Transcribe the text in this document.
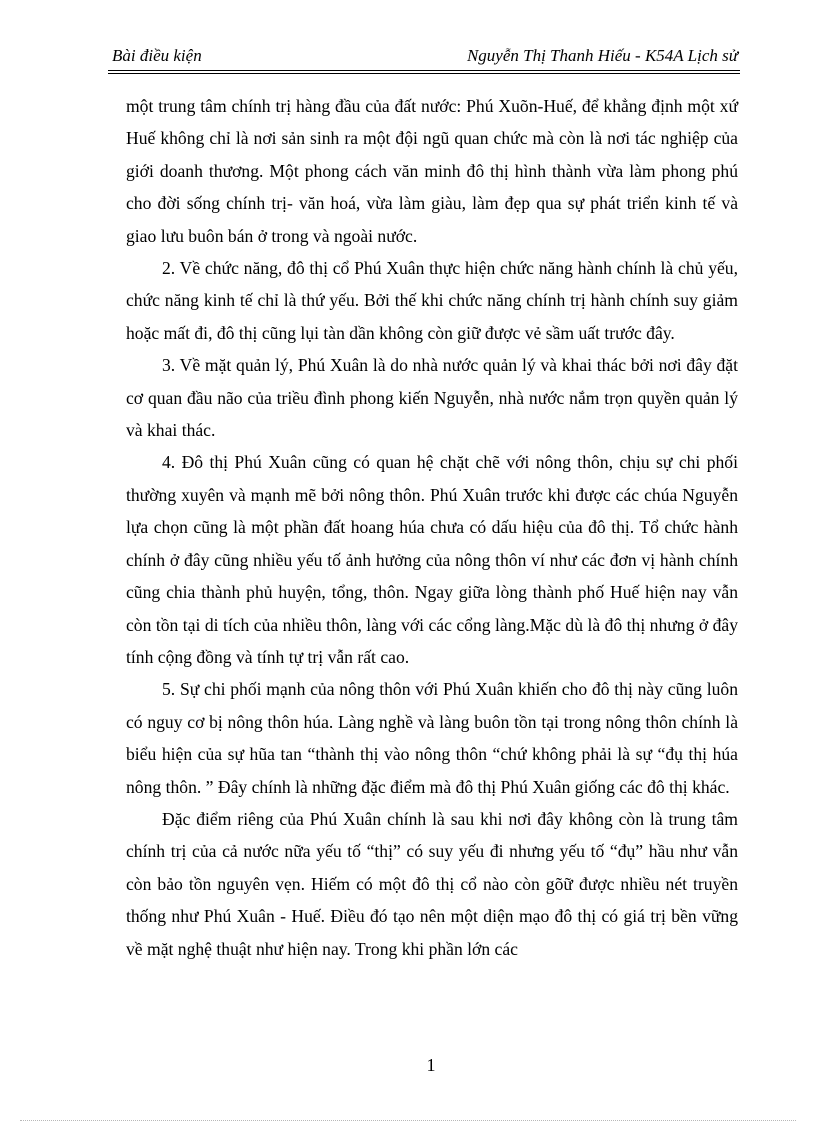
Bài điều kiện	Nguyễn Thị Thanh Hiếu - K54A Lịch sử

một trung tâm chính trị hàng đầu của đất nước: Phú Xuõn-Huế, để khẳng định một xứ Huế không chỉ là nơi sản sinh ra một đội ngũ quan chức mà còn là nơi tác nghiệp của giới doanh thương. Một phong cách văn minh đô thị hình thành vừa làm phong phú cho đời sống chính trị- văn hoá, vừa làm giàu, làm đẹp qua sự phát triển kinh tế và giao lưu buôn bán ở trong và ngoài nước.

2. Về chức năng, đô thị cổ Phú Xuân thực hiện chức năng hành chính là chủ yếu, chức năng kinh tế chỉ là thứ yếu. Bởi thế khi chức năng chính trị hành chính suy giảm hoặc mất đi, đô thị cũng lụi tàn dần không còn giữ được vẻ sầm uất trước đây.

3. Về mặt quản lý, Phú Xuân là do nhà nước quản lý và khai thác bởi nơi đây đặt cơ quan đầu não của triều đình phong kiến Nguyễn, nhà nước nắm trọn quyền quản lý và khai thác.

4. Đô thị Phú Xuân cũng có quan hệ chặt chẽ với nông thôn, chịu sự chi phối thường xuyên và mạnh mẽ bởi nông thôn. Phú Xuân trước khi được các chúa Nguyễn lựa chọn cũng là một phần đất hoang húa chưa có dấu hiệu của đô thị. Tổ chức hành chính ở đây cũng nhiều yếu tố ảnh hưởng của nông thôn ví như các đơn vị hành chính cũng chia thành phủ huyện, tổng, thôn. Ngay giữa lòng thành phố Huế hiện nay vẫn còn tồn tại di tích của nhiều thôn, làng với các cổng làng.Mặc dù là đô thị nhưng ở đây tính cộng đồng và tính tự trị vẫn rất cao.

5. Sự chi phối mạnh của nông thôn với Phú Xuân khiến cho đô thị này cũng luôn có nguy cơ bị nông thôn húa. Làng nghề và làng buôn tồn tại trong nông thôn chính là biểu hiện của sự hũa tan “thành thị vào nông thôn “chứ không phải là sự “đụ thị húa nông thôn. ” Đây chính là những đặc điểm mà đô thị Phú Xuân giống các đô thị khác.

Đặc điểm riêng của Phú Xuân chính là sau khi nơi đây không còn là trung tâm chính trị của cả nước nữa yếu tố “thị” có suy yếu đi nhưng yếu tố “đụ” hầu như vẫn còn bảo tồn nguyên vẹn. Hiếm có một đô thị cổ nào còn gõữ được nhiều nét truyền thống như Phú Xuân - Huế. Điều đó tạo nên một diện mạo đô thị có giá trị bền vững về mặt nghệ thuật như hiện nay. Trong khi phần lớn các

1
